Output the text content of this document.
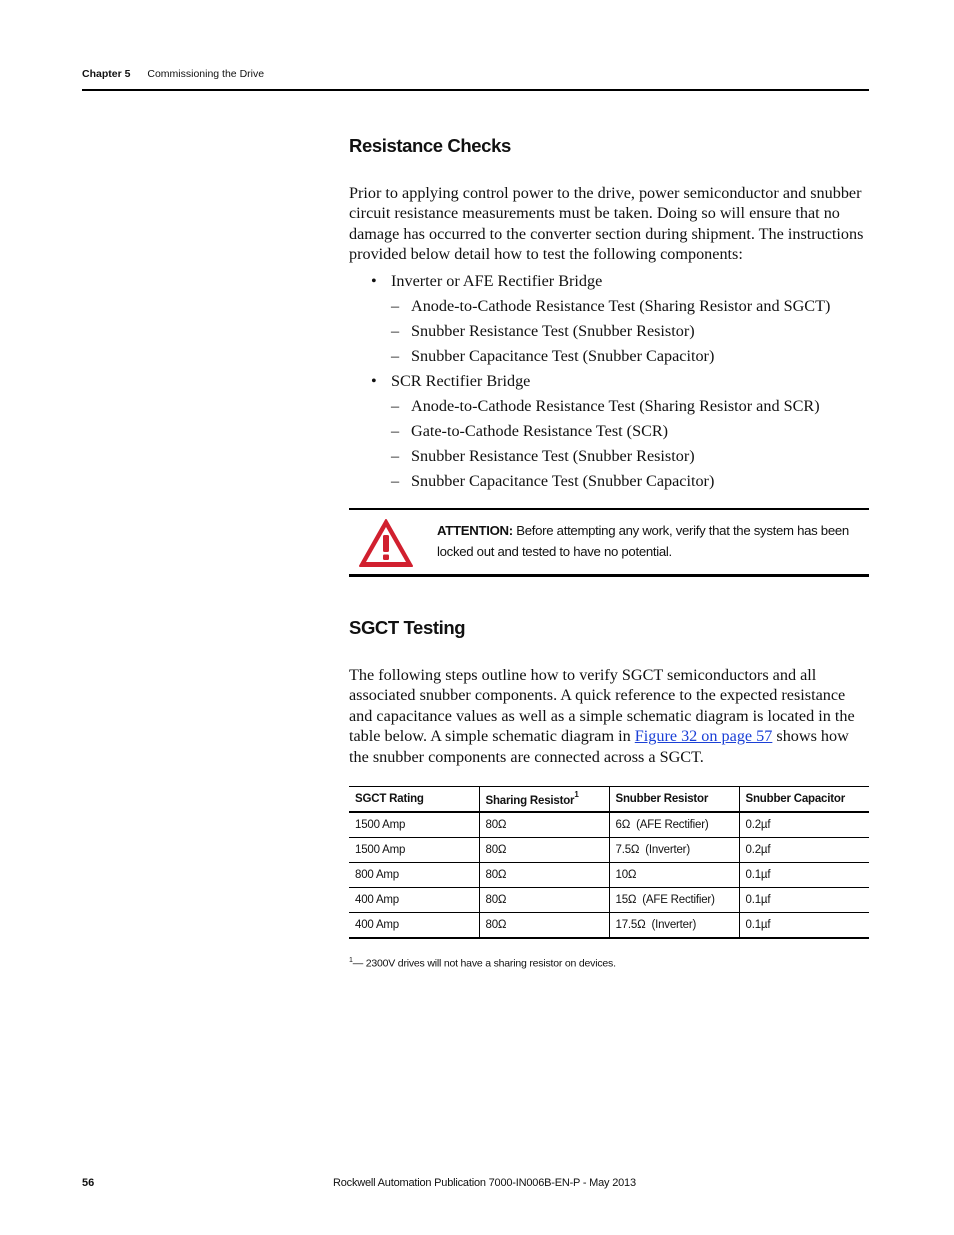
Chapter 5 Commissioning the Drive
Resistance Checks

Prior to applying control power to the drive, power semiconductor and snubber circuit resistance measurements must be taken. Doing so will ensure that no damage has occurred to the converter section during shipment. The instructions provided below detail how to test the following components:

• Inverter or AFE Rectifier Bridge
– Anode-to-Cathode Resistance Test (Sharing Resistor and SGCT)
– Snubber Resistance Test (Snubber Resistor)
– Snubber Capacitance Test (Snubber Capacitor)
• SCR Rectifier Bridge
– Anode-to-Cathode Resistance Test (Sharing Resistor and SCR)
– Gate-to-Cathode Resistance Test (SCR)
– Snubber Resistance Test (Snubber Resistor)
– Snubber Capacitance Test (Snubber Capacitor)
ATTENTION: Before attempting any work, verify that the system has been locked out and tested to have no potential.
SGCT Testing

The following steps outline how to verify SGCT semiconductors and all associated snubber components. A quick reference to the expected resistance and capacitance values as well as a simple schematic diagram is located in the table below. A simple schematic diagram in Figure 32 on page 57 shows how the snubber components are connected across a SGCT.

SGCT Rating	Sharing Resistor$^1$	Snubber Resistor	Snubber Capacitor
1500 Amp	80Ω	6Ω (AFE Rectifier)	0.2µf
1500 Amp	80Ω	7.5Ω (Inverter)	0.2µf
800 Amp	80Ω	10Ω	0.1µf
400 Amp	80Ω	15Ω (AFE Rectifier)	0.1µf
400 Amp	80Ω	17.5Ω (Inverter)	0.1µf
$^1$— 2300V drives will not have a sharing resistor on devices.
56	Rockwell Automation Publication 7000-IN006B-EN-P - May 2013
